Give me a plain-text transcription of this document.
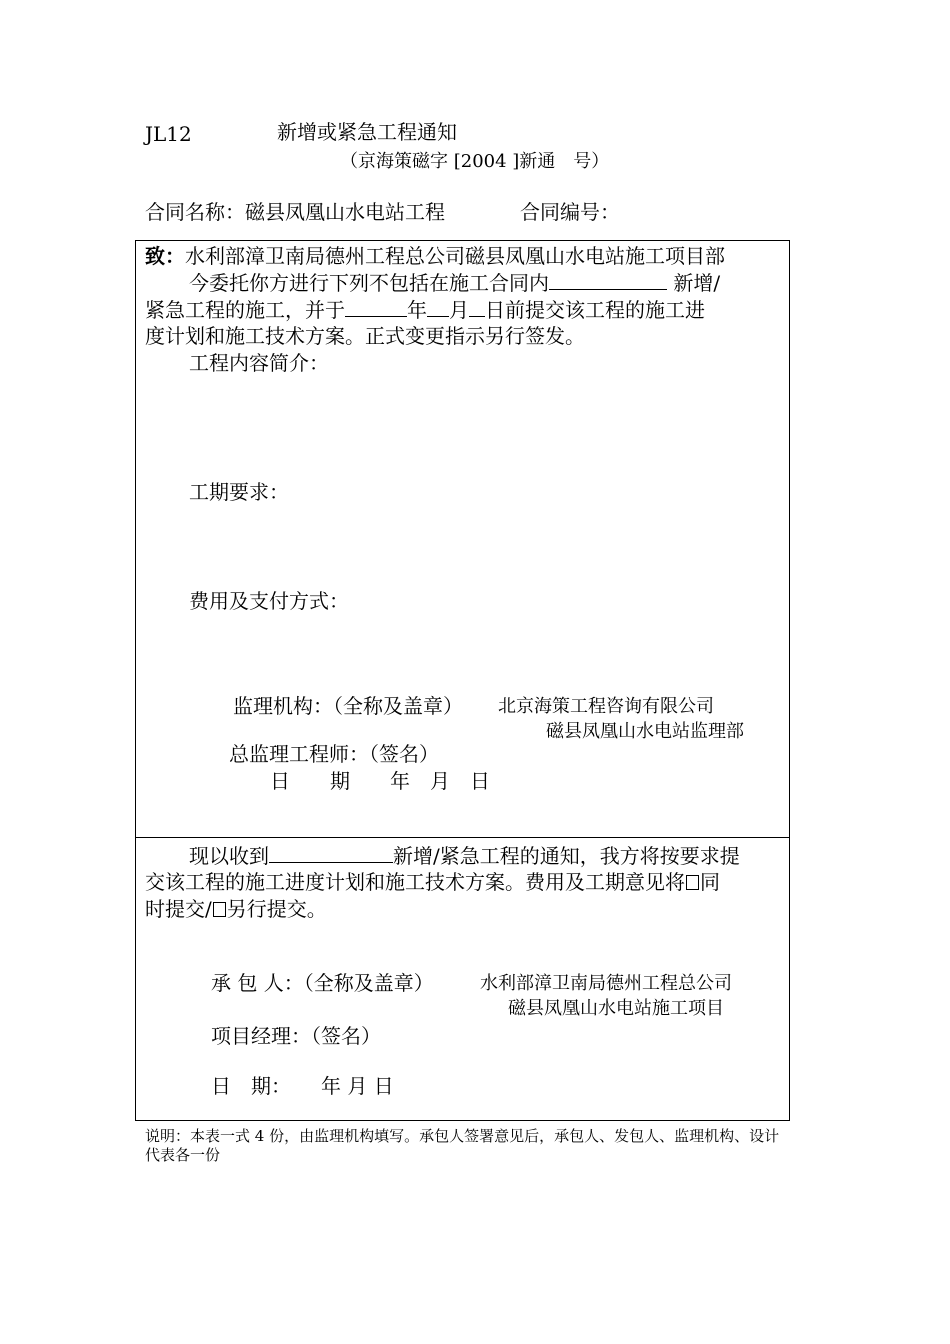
JL12	新增或紧急工程通知
（京海策磁字 [2004 ]新通　号）
合同名称：磁县凤凰山水电站工程	合同编号：
致：水利部漳卫南局德州工程总公司磁县凤凰山水电站施工项目部
今委托你方进行下列不包括在施工合同内	新增/
紧急工程的施工，并于	年 月 日前提交该工程的施工进
度计划和施工技术方案。正式变更指示另行签发。
工程内容简介：
工期要求：
费用及支付方式：
监理机构：（全称及盖章） 北京海策工程咨询有限公司
磁县凤凰山水电站监理部
总监理工程师：（签名）
日　　期　　年　月　日
现以收到	新增/紧急工程的通知，我方将按要求提
交该工程的施工进度计划和施工技术方案。费用及工期意见将 同
时提交/ 另行提交。
承 包 人：（全称及盖章）	水利部漳卫南局德州工程总公司
磁县凤凰山水电站施工项目
项目经理：（签名）
日　期：　　年 月 日
说明：本表一式 4 份，由监理机构填写。承包人签署意见后，承包人、发包人、监理机构、设计
代表各一份
